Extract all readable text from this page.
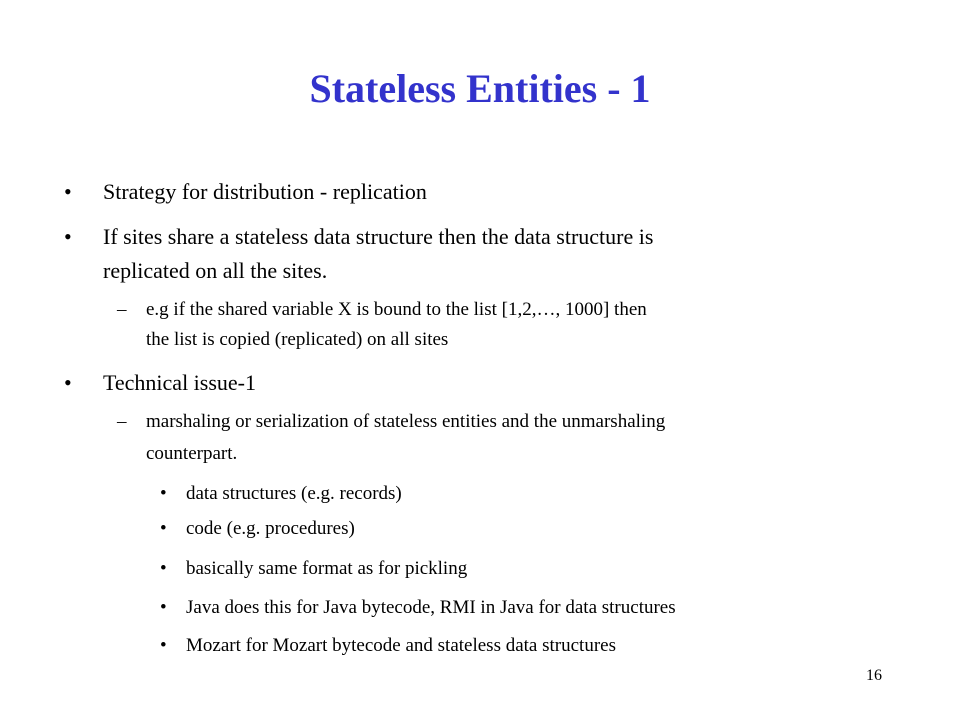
Stateless Entities - 1
• Strategy for distribution - replication
• If sites share a stateless data structure then the data structure is
replicated on all the sites.
– e.g if the shared variable X is bound to the list [1,2,…, 1000] then
the list is copied (replicated) on all sites
• Technical issue-1
– marshaling or serialization of stateless entities and the unmarshaling
counterpart.
• data structures (e.g. records)
• code (e.g. procedures)
• basically same format as for pickling
• Java does this for Java bytecode, RMI in Java for data structures
• Mozart for Mozart bytecode and stateless data structures
16
